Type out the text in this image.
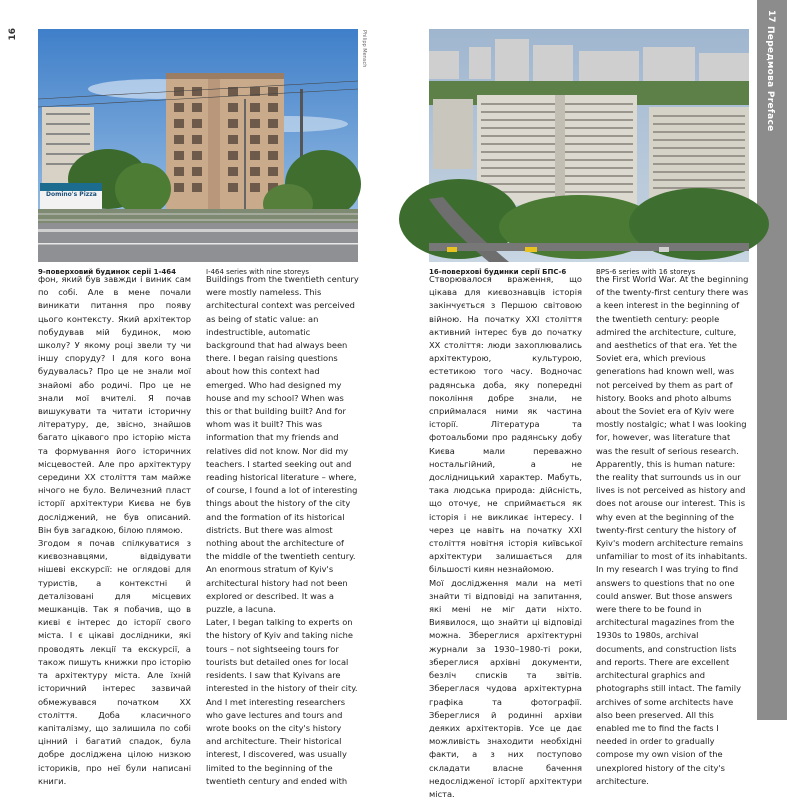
16	Передмова Preface
17
Domino's Pizza
Philipp Mensch
9-поверховий будинок серії 1-464	I-464 series with nine storeys	16-поверхові будинки серії БПС-6	BPS-6 series with 16 storeys

фон, який був завжди і виник сам по собі. Але в мене почали виникати питання про появу цього контексту. Який архітектор побудував мій будинок, мою школу? У якому році звели ту чи іншу споруду? І для кого вона будувалась? Про це не знали мої знайомі або родичі. Про це не знали мої вчителі. Я почав вишукувати та читати історичну літературу, де, звісно, знайшов багато цікавого про історію міста та формування його історичних місцевостей. Але про архітектуру середини XX століття там майже нічого не було. Величезний пласт історії архітектури Києва не був досліджений, не був описаний. Він був загадкою, білою плямою.

Згодом я почав спілкуватися з києвознавцями, відвідувати нішеві екскурсії: не оглядові для туристів, а контекстні й деталізовані для місцевих мешканців. Так я побачив, що в києві є інтерес до історії свого міста. І є цікаві дослідники, які проводять лекції та екскурсії, а також пишуть книжки про історію та архітектуру міста. Але їхній історичний інтерес зазвичай обмежувався початком XX століття. Доба класичного капіталізму, що залишила по собі цінний і багатий спадок, була добре досліджена цілою низкою істориків, про неї були написані книги.

Buildings from the twentieth century were mostly nameless. This architectural context was perceived as being of static value: an indestructible, automatic background that had always been there. I began raising questions about how this context had emerged. Who had designed my house and my school? When was this or that building built? And for whom was it built? This was information that my friends and relatives did not know. Nor did my teachers. I started seeking out and reading historical literature – where, of course, I found a lot of interesting things about the history of the city and the formation of its historical districts. But there was almost nothing about the architecture of the middle of the twentieth century. An enormous stratum of Kyiv's architectural history had not been explored or described. It was a puzzle, a lacuna.

Later, I began talking to experts on the history of Kyiv and taking niche tours – not sightseeing tours for tourists but detailed ones for local residents. I saw that Kyivans are interested in the history of their city. And I met interesting researchers who gave lectures and tours and wrote books on the city's history and architecture. Their historical interest, I discovered, was usually limited to the beginning of the twentieth century and ended with

Створювалося враження, що цікава для києвознавців історія закінчується з Першою світовою війною. На початку XXI століття активний інтерес був до початку XX століття: люди захоплювались архітектурою, культурою, естетикою того часу. Водночас радянська доба, яку попередні покоління добре знали, не сприймалася ними як частина історії. Література та фотоальбоми про радянську добу Києва мали переважно ностальгійний, а не дослідницький характер. Мабуть, така людська природа: дійсність, що оточує, не сприймається як історія і не викликає інтересу. І через це навіть на початку XXI століття новітня історія київської архітектури залишається для більшості киян незнайомою.

Мої дослідження мали на меті знайти ті відповіді на запитання, які мені не міг дати ніхто. Виявилося, що знайти ці відповіді можна. Збереглися архітектурні журнали за 1930–1980-ті роки, збереглися архівні документи, безліч списків та звітів. Збереглася чудова архітектурна графіка та фотографії. Збереглися й родинні архіви деяких архітекторів. Усе це дає можливість знаходити необхідні факти, а з них поступово складати власне бачення недослідженої історії архітектури міста.

the First World War. At the beginning of the twenty-first century there was a keen interest in the beginning of the twentieth century: people admired the architecture, culture, and aesthetics of that era. Yet the Soviet era, which previous generations had known well, was not perceived by them as part of history. Books and photo albums about the Soviet era of Kyiv were mostly nostalgic; what I was looking for, however, was literature that was the result of serious research. Apparently, this is human nature: the reality that surrounds us in our lives is not perceived as history and does not arouse our interest. This is why even at the beginning of the twenty-first century the history of Kyiv's modern architecture remains unfamiliar to most of its inhabitants.

In my research I was trying to find answers to questions that no one could answer. But those answers were there to be found in architectural magazines from the 1930s to 1980s, archival documents, and construction lists and reports. There are excellent architectural graphics and photographs still intact. The family archives of some architects have also been preserved. All this enabled me to find the facts I needed in order to gradually compose my own vision of the unexplored history of the city's architecture.
